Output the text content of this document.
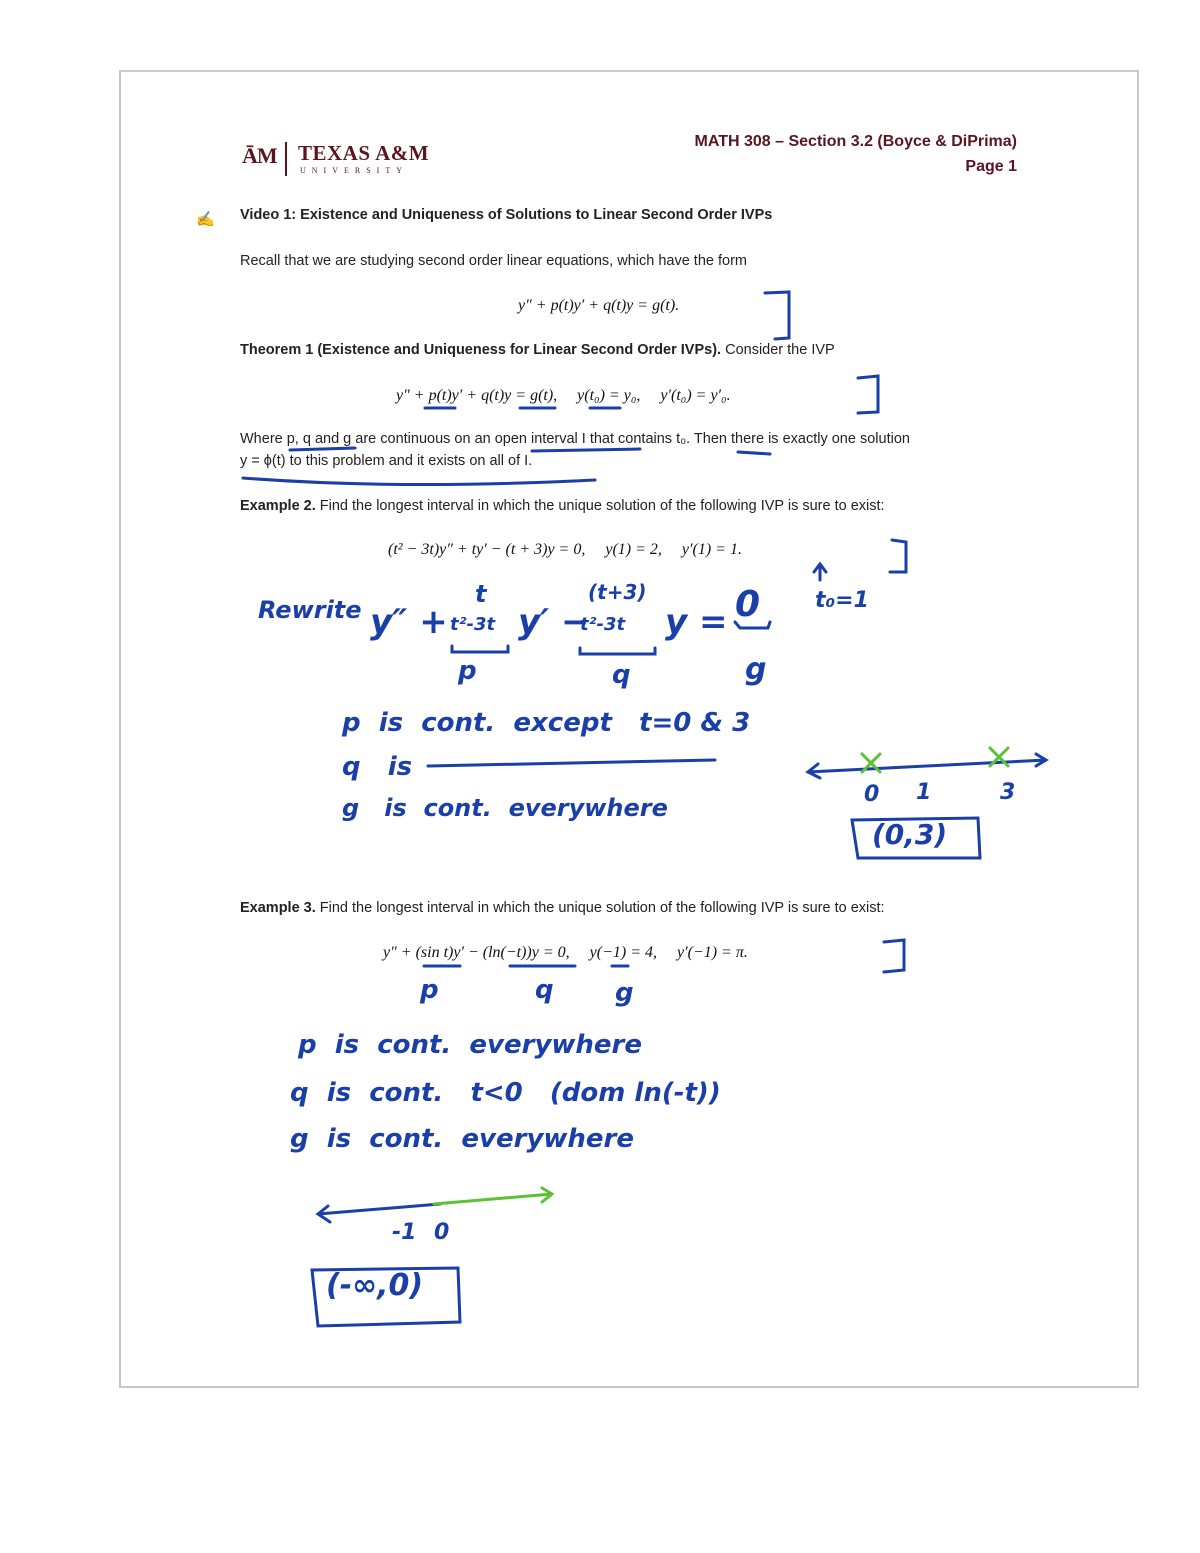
ĀM TEXAS A&M
UNIVERSITY
MATH 308 – Section 3.2 (Boyce & DiPrima)
Page 1
✍ Video 1: Existence and Uniqueness of Solutions to Linear Second Order IVPs
Recall that we are studying second order linear equations, which have the form
y″ + p(t)y′ + q(t)y = g(t).
Theorem 1 (Existence and Uniqueness for Linear Second Order IVPs). Consider the IVP
y″ + p(t)y′ + q(t)y = g(t),     y(t₀) = y₀,     y′(t₀) = y′₀.
Where p, q and g are continuous on an open interval I that contains t₀. Then there is exactly one solution
y = ϕ(t) to this problem and it exists on all of I.
Example 2. Find the longest interval in which the unique solution of the following IVP is sure to exist:
(t² − 3t)y″ + ty′ − (t + 3)y = 0,     y(1) = 2,     y′(1) = 1.
Rewrite y″ +
t
t²-3t y′ −
(t+3)
t²-3t y = 0
p	q	g
t₀=1
p  is  cont.  except   t=0 & 3
q   is
g   is  cont.  everywhere	0 1	3
(0,3)
Example 3. Find the longest interval in which the unique solution of the following IVP is sure to exist:
y″ + (sin t)y′ − (ln(−t))y = 0,     y(−1) = 4,     y′(−1) = π.
p	q g
p  is  cont.  everywhere
q  is  cont.   t<0   (dom ln(-t))
g  is  cont.  everywhere
-1 0
(-∞,0)
